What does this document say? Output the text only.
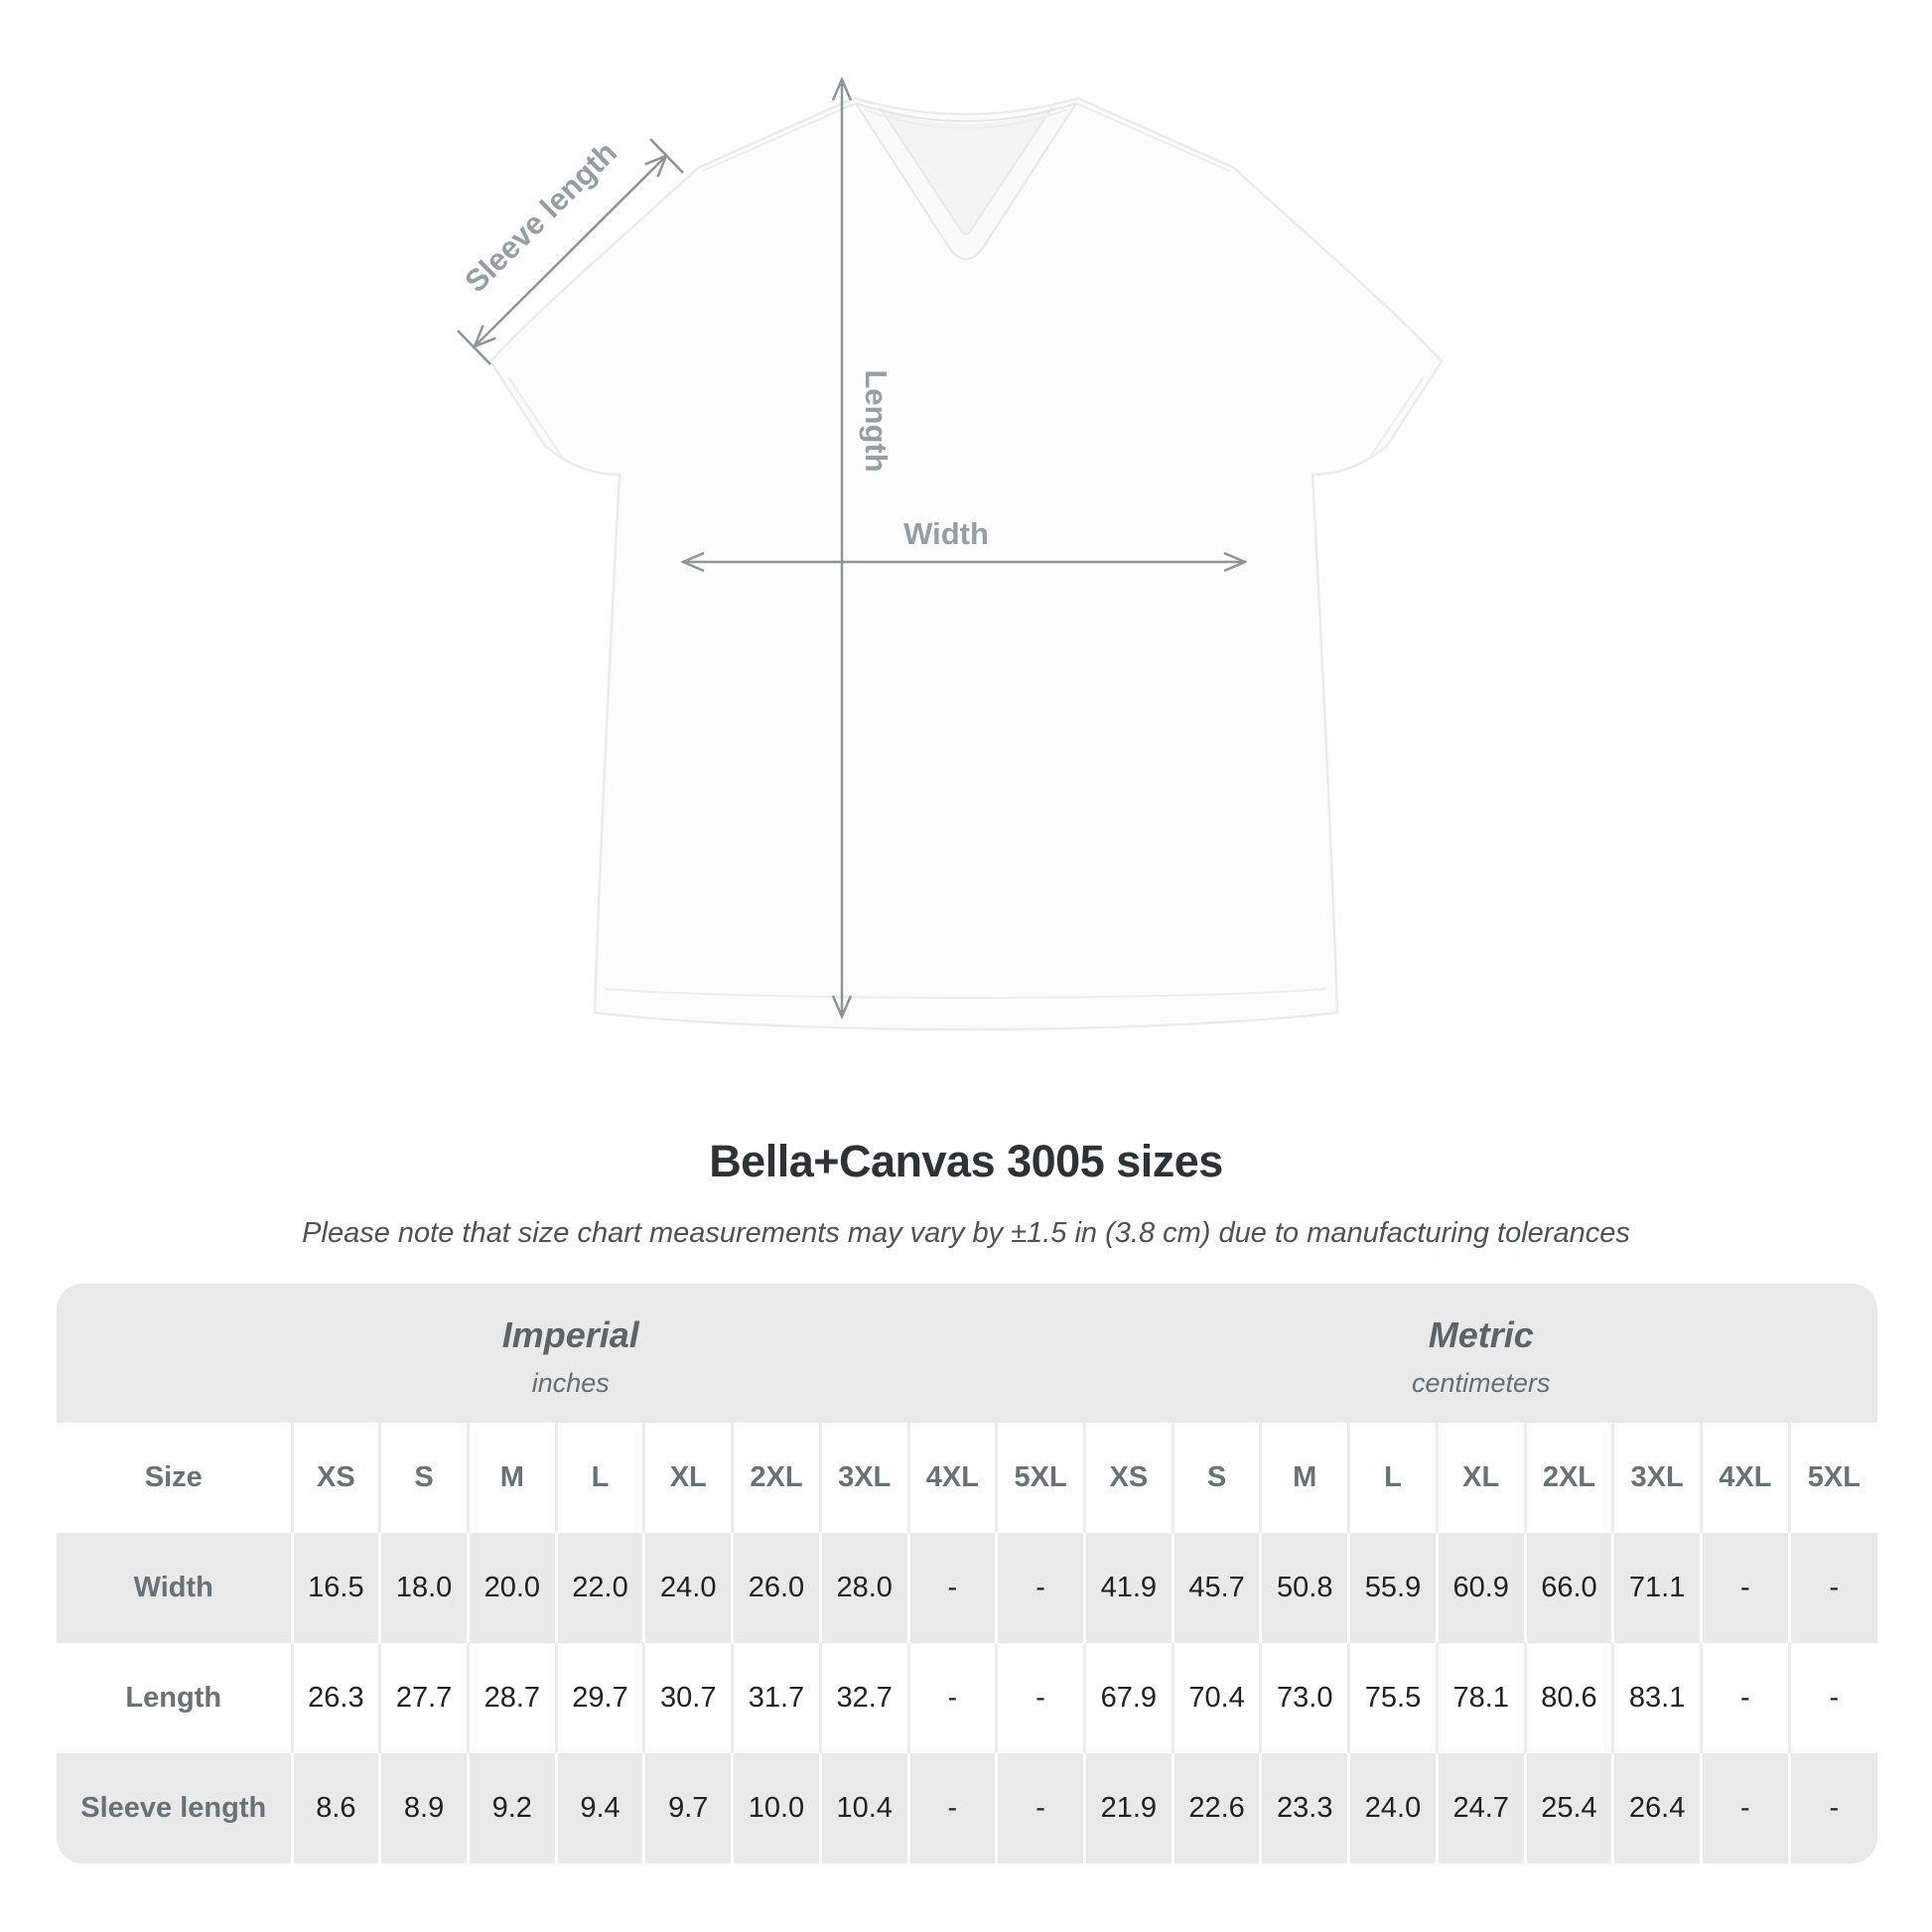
Length
Width
Sleeve length
Bella+Canvas 3005 sizes
Please note that size chart measurements may vary by ±1.5 in (3.8 cm) due to manufacturing tolerances
Imperial
inches

Metric
centimeters

Size	XS	S	M	L	XL	2XL	3XL	4XL	5XL	XS	S	M	L	XL	2XL	3XL	4XL	5XL
Width	16.5	18.0	20.0	22.0	24.0	26.0	28.0	-	-	41.9	45.7	50.8	55.9	60.9	66.0	71.1	-	-
Length	26.3	27.7	28.7	29.7	30.7	31.7	32.7	-	-	67.9	70.4	73.0	75.5	78.1	80.6	83.1	-	-
Sleeve length	8.6	8.9	9.2	9.4	9.7	10.0	10.4	-	-	21.9	22.6	23.3	24.0	24.7	25.4	26.4	-	-
